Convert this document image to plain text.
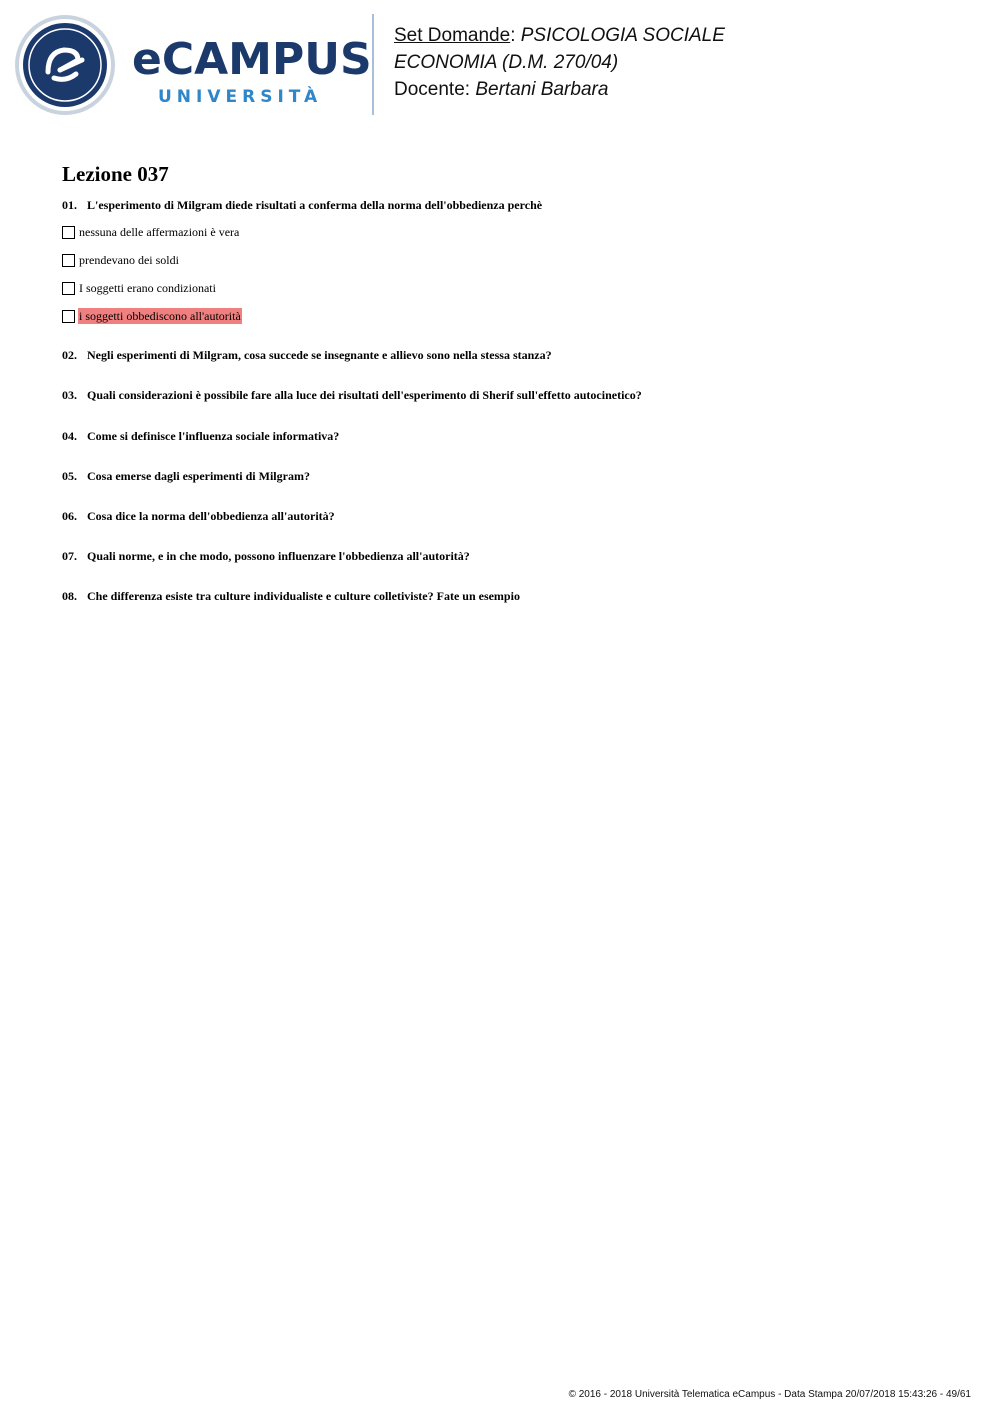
eCAMPUS
UNIVERSITÀ
Set Domande: PSICOLOGIA SOCIALE
ECONOMIA (D.M. 270/04)
Docente: Bertani Barbara
Lezione 037
01. L'esperimento di Milgram diede risultati a conferma della norma dell'obbedienza perchè
nessuna delle affermazioni è vera
prendevano dei soldi
I soggetti erano condizionati
i soggetti obbediscono all'autorità
02. Negli esperimenti di Milgram, cosa succede se insegnante e allievo sono nella stessa stanza?
03. Quali considerazioni è possibile fare alla luce dei risultati dell'esperimento di Sherif sull'effetto autocinetico?
04. Come si definisce l'influenza sociale informativa?
05. Cosa emerse dagli esperimenti di Milgram?
06. Cosa dice la norma dell'obbedienza all'autorità?
07. Quali norme, e in che modo, possono influenzare l'obbedienza all'autorità?
08. Che differenza esiste tra culture individualiste e culture colletiviste? Fate un esempio
© 2016 - 2018 Università Telematica eCampus - Data Stampa 20/07/2018 15:43:26 - 49/61
